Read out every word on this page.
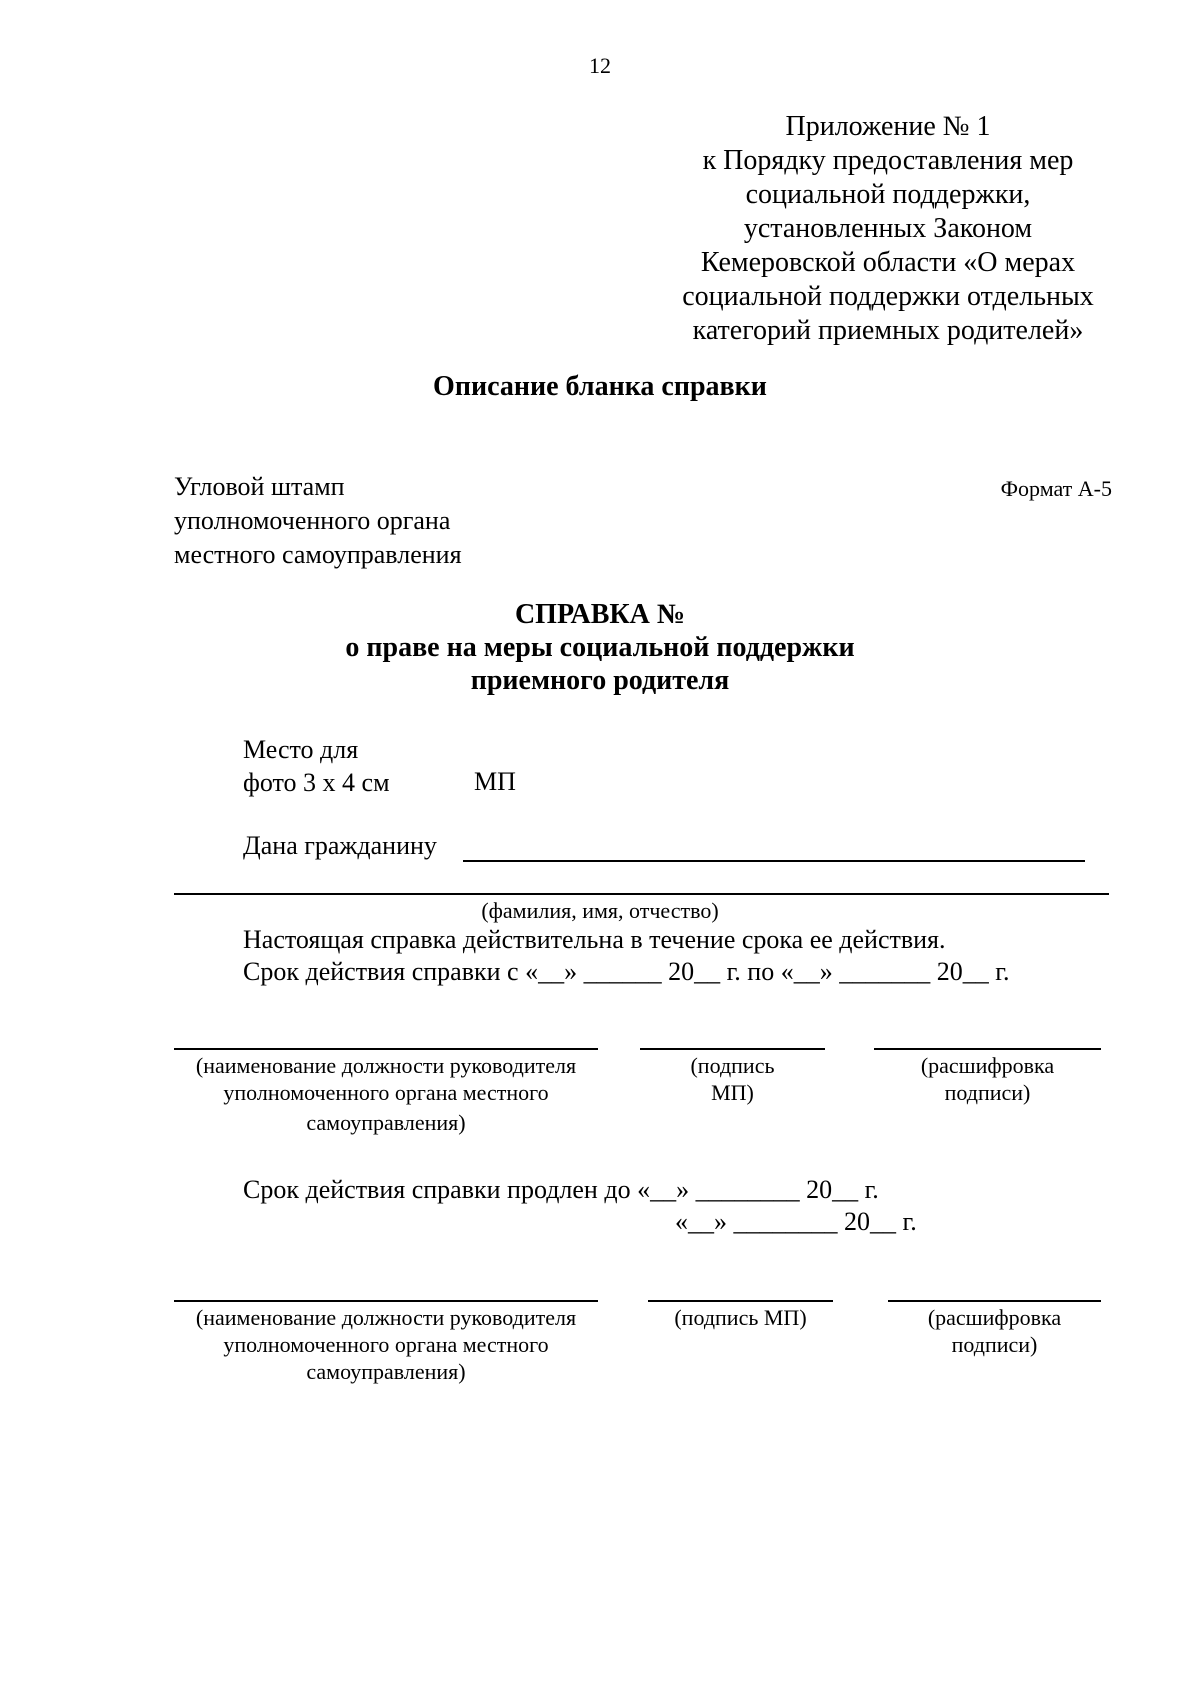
12

Приложение № 1

к Порядку предоставления мер

социальной поддержки,

установленных Законом

Кемеровской области «О мерах

социальной поддержки отдельных

категорий приемных родителей»

Описание бланка справки
Угловой штамп
уполномоченного органа
местного самоуправления
Формат А-5
СПРАВКА №
о праве на меры социальной поддержки
приемного родителя
Место для
фото 3 х 4 см	МП
Дана гражданину
(фамилия, имя, отчество)
Настоящая справка действительна в течение срока ее действия.
Срок действия справки с «__» ______ 20__ г. по «__» _______ 20__ г.
(наименование должности руководителя
уполномоченного органа местного
самоуправления)
(подпись
МП)
(расшифровка
подписи)
Срок действия справки продлен до «__» ________ 20__ г.
«__» ________ 20__ г.
(наименование должности руководителя
уполномоченного органа местного
самоуправления)
(подпись МП)	(расшифровка
подписи)
